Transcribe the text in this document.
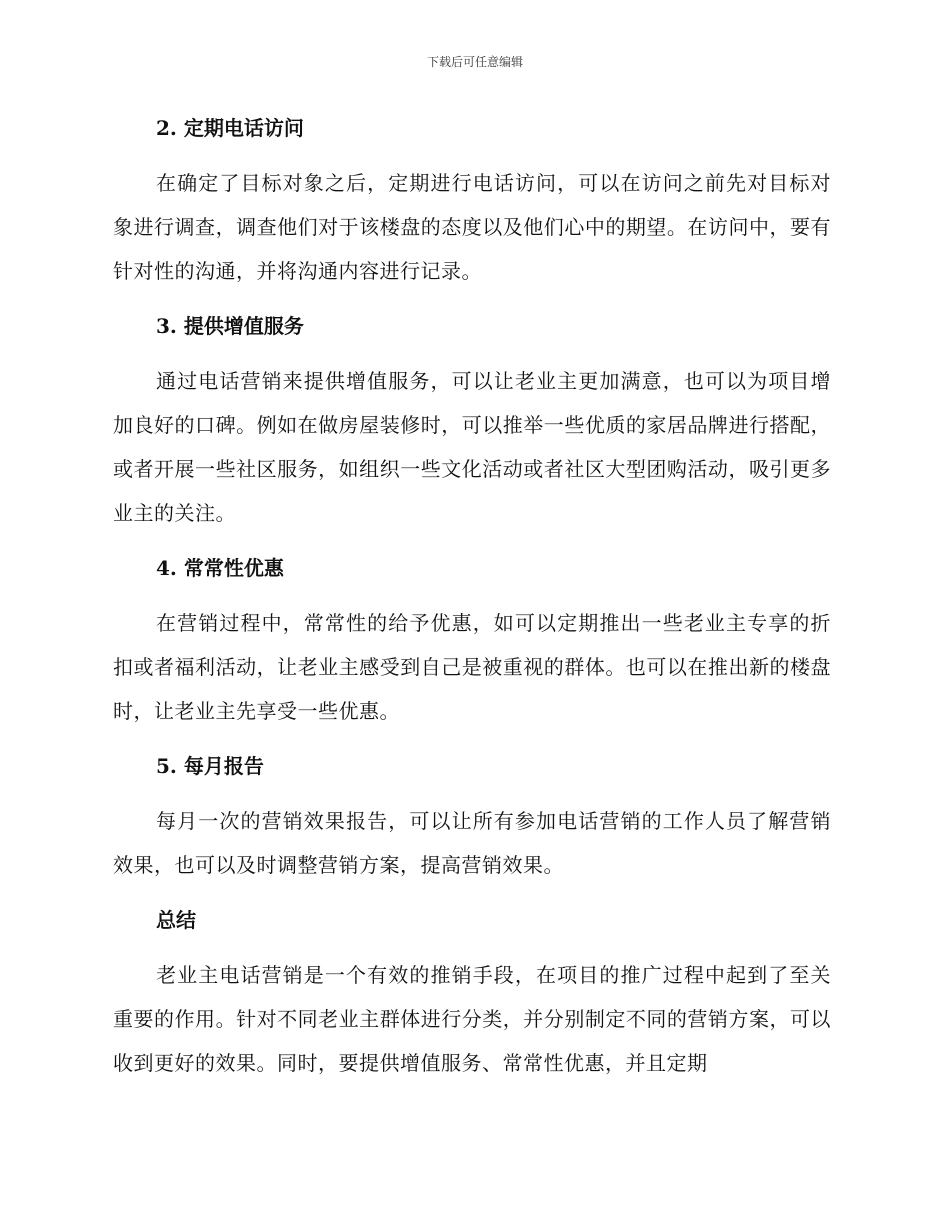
下载后可任意编辑
2. 定期电话访问

在确定了目标对象之后，定期进行电话访问，可以在访问之前先对目标对象进行调查，调查他们对于该楼盘的态度以及他们心中的期望。在访问中，要有针对性的沟通，并将沟通内容进行记录。

3. 提供增值服务

通过电话营销来提供增值服务，可以让老业主更加满意，也可以为项目增加良好的口碑。例如在做房屋装修时，可以推举一些优质的家居品牌进行搭配，或者开展一些社区服务，如组织一些文化活动或者社区大型团购活动，吸引更多业主的关注。

4. 常常性优惠

在营销过程中，常常性的给予优惠，如可以定期推出一些老业主专享的折扣或者福利活动，让老业主感受到自己是被重视的群体。也可以在推出新的楼盘时，让老业主先享受一些优惠。

5. 每月报告

每月一次的营销效果报告，可以让所有参加电话营销的工作人员了解营销效果，也可以及时调整营销方案，提高营销效果。

总结

老业主电话营销是一个有效的推销手段，在项目的推广过程中起到了至关重要的作用。针对不同老业主群体进行分类，并分别制定不同的营销方案，可以收到更好的效果。同时，要提供增值服务、常常性优惠，并且定期
